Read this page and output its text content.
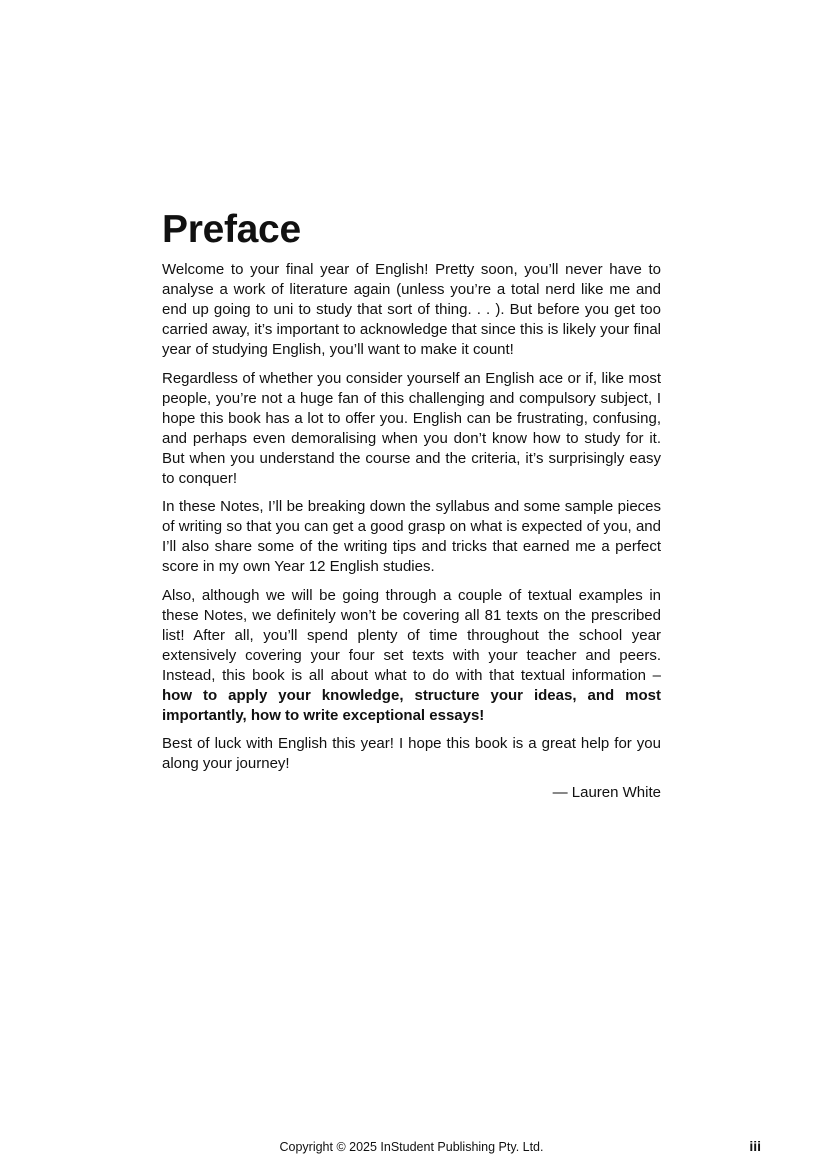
Preface

Welcome to your final year of English! Pretty soon, you’ll never have to analyse a work of literature again (unless you’re a total nerd like me and end up going to uni to study that sort of thing. . . ). But before you get too carried away, it’s important to acknowledge that since this is likely your final year of studying English, you’ll want to make it count!

Regardless of whether you consider yourself an English ace or if, like most people, you’re not a huge fan of this challenging and compulsory subject, I hope this book has a lot to offer you. English can be frustrating, confusing, and perhaps even demoralising when you don’t know how to study for it. But when you understand the course and the criteria, it’s surprisingly easy to conquer!

In these Notes, I’ll be breaking down the syllabus and some sample pieces of writing so that you can get a good grasp on what is expected of you, and I’ll also share some of the writing tips and tricks that earned me a perfect score in my own Year 12 English studies.

Also, although we will be going through a couple of textual examples in these Notes, we definitely won’t be covering all 81 texts on the prescribed list! After all, you’ll spend plenty of time throughout the school year extensively covering your four set texts with your teacher and peers. Instead, this book is all about what to do with that textual information – how to apply your knowledge, structure your ideas, and most importantly, how to write exceptional essays!

Best of luck with English this year! I hope this book is a great help for you along your journey!

— Lauren White

Copyright © 2025 InStudent Publishing Pty. Ltd.	iii
